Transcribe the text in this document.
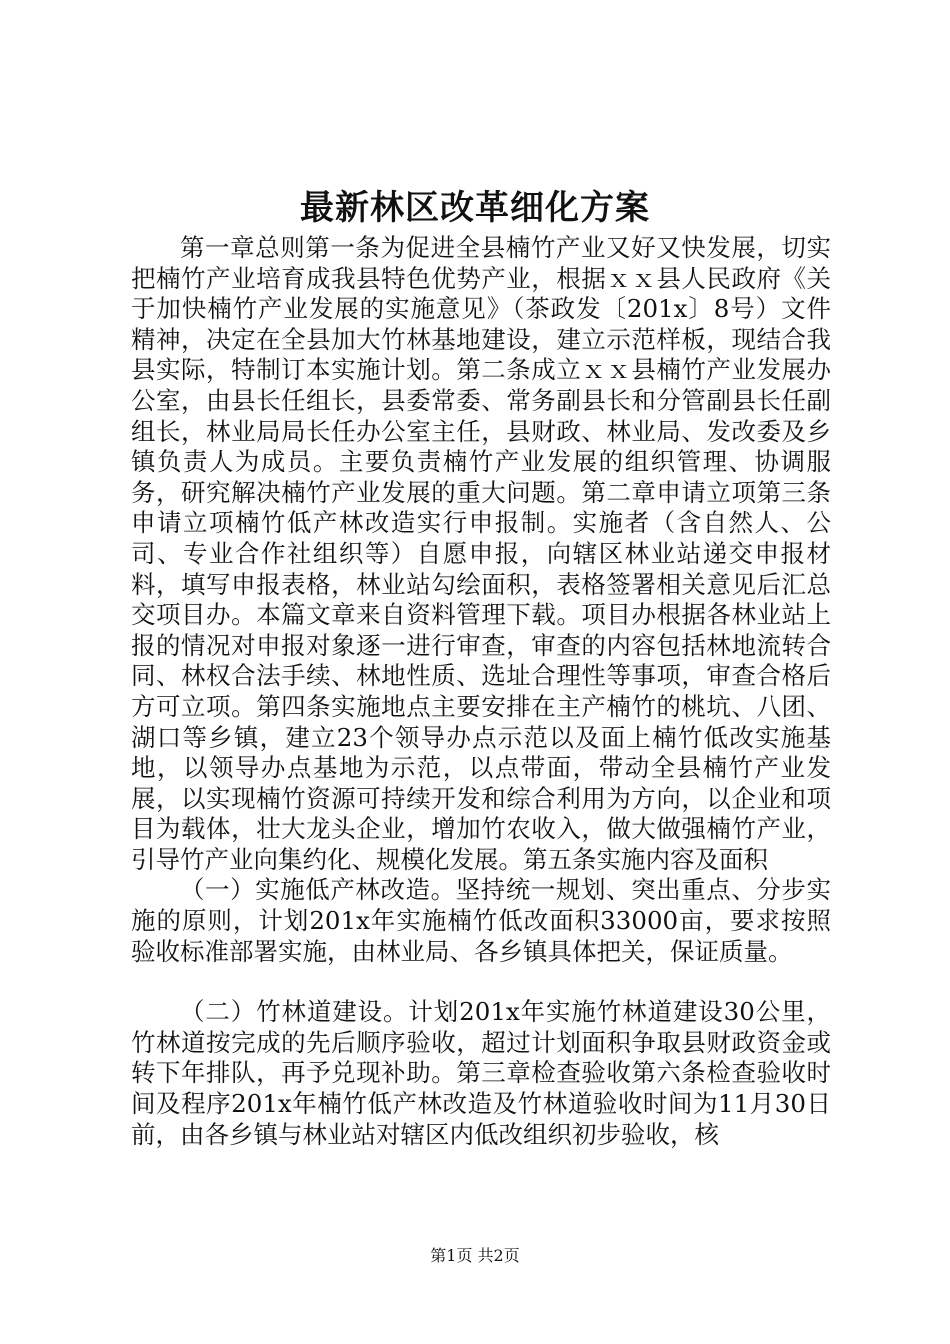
最新林区改革细化方案

第一章总则第一条为促进全县楠竹产业又好又快发展，切实把楠竹产业培育成我县特色优势产业，根据ｘｘ县人民政府《关于加快楠竹产业发展的实施意见》（茶政发〔201x〕8号）文件精神，决定在全县加大竹林基地建设，建立示范样板，现结合我县实际，特制订本实施计划。第二条成立ｘｘ县楠竹产业发展办公室，由县长任组长，县委常委、常务副县长和分管副县长任副组长，林业局局长任办公室主任，县财政、林业局、发改委及乡镇负责人为成员。主要负责楠竹产业发展的组织管理、协调服务，研究解决楠竹产业发展的重大问题。第二章申请立项第三条申请立项楠竹低产林改造实行申报制。实施者（含自然人、公司、专业合作社组织等）自愿申报，向辖区林业站递交申报材料，填写申报表格，林业站勾绘面积，表格签署相关意见后汇总交项目办。本篇文章来自资料管理下载。项目办根据各林业站上报的情况对申报对象逐一进行审查，审查的内容包括林地流转合同、林权合法手续、林地性质、选址合理性等事项，审查合格后方可立项。第四条实施地点主要安排在主产楠竹的桃坑、八团、湖口等乡镇，建立23个领导办点示范以及面上楠竹低改实施基地，以领导办点基地为示范，以点带面，带动全县楠竹产业发展，以实现楠竹资源可持续开发和综合利用为方向，以企业和项目为载体，壮大龙头企业，增加竹农收入，做大做强楠竹产业，引导竹产业向集约化、规模化发展。第五条实施内容及面积

（一）实施低产林改造。坚持统一规划、突出重点、分步实施的原则，计划201x年实施楠竹低改面积33000亩，要求按照验收标准部署实施，由林业局、各乡镇具体把关，保证质量。

（二）竹林道建设。计划201x年实施竹林道建设30公里，竹林道按完成的先后顺序验收，超过计划面积争取县财政资金或转下年排队，再予兑现补助。第三章检查验收第六条检查验收时间及程序201x年楠竹低产林改造及竹林道验收时间为11月30日前，由各乡镇与林业站对辖区内低改组织初步验收，核

第1页 共2页
